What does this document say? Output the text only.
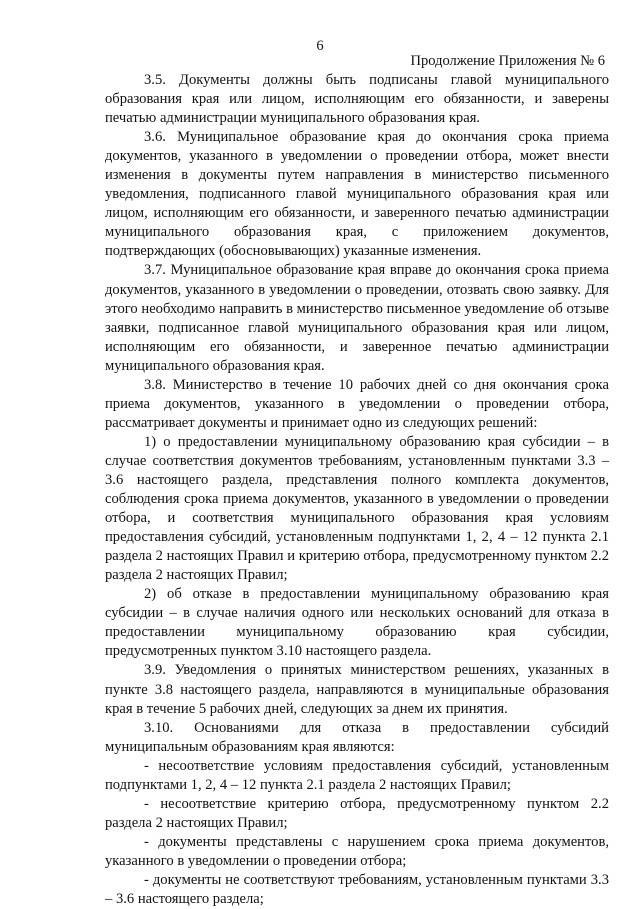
6
Продолжение Приложения № 6

3.5. Документы должны быть подписаны главой муниципального образования края или лицом, исполняющим его обязанности, и заверены печатью администрации муниципального образования края.

3.6. Муниципальное образование края до окончания срока приема документов, указанного в уведомлении о проведении отбора, может внести изменения в документы путем направления в министерство письменного уведомления, подписанного главой муниципального образования края или лицом, исполняющим его обязанности, и заверенного печатью администрации муниципального образования края, с приложением документов, подтверждающих (обосновывающих) указанные изменения.

3.7. Муниципальное образование края вправе до окончания срока приема документов, указанного в уведомлении о проведении, отозвать свою заявку. Для этого необходимо направить в министерство письменное уведомление об отзыве заявки, подписанное главой муниципального образования края или лицом, исполняющим его обязанности, и заверенное печатью администрации муниципального образования края.

3.8. Министерство в течение 10 рабочих дней со дня окончания срока приема документов, указанного в уведомлении о проведении отбора, рассматривает документы и принимает одно из следующих решений:

1) о предоставлении муниципальному образованию края субсидии – в случае соответствия документов требованиям, установленным пунктами 3.3 – 3.6 настоящего раздела, представления полного комплекта документов, соблюдения срока приема документов, указанного в уведомлении о проведении отбора, и соответствия муниципального образования края условиям предоставления субсидий, установленным подпунктами 1, 2, 4 – 12 пункта 2.1 раздела 2 настоящих Правил и критерию отбора, предусмотренному пунктом 2.2 раздела 2 настоящих Правил;

2) об отказе в предоставлении муниципальному образованию края субсидии – в случае наличия одного или нескольких оснований для отказа в предоставлении муниципальному образованию края субсидии, предусмотренных пунктом 3.10 настоящего раздела.

3.9. Уведомления о принятых министерством решениях, указанных в пункте 3.8 настоящего раздела, направляются в муниципальные образования края в течение 5 рабочих дней, следующих за днем их принятия.

3.10. Основаниями для отказа в предоставлении субсидий муниципальным образованиям края являются:

- несоответствие условиям предоставления субсидий, установленным подпунктами 1, 2, 4 – 12 пункта 2.1 раздела 2 настоящих Правил;

- несоответствие критерию отбора, предусмотренному пунктом 2.2 раздела 2 настоящих Правил;

- документы представлены с нарушением срока приема документов, указанного в уведомлении о проведении отбора;

- документы не соответствуют требованиям, установленным пунктами 3.3 – 3.6 настоящего раздела;
